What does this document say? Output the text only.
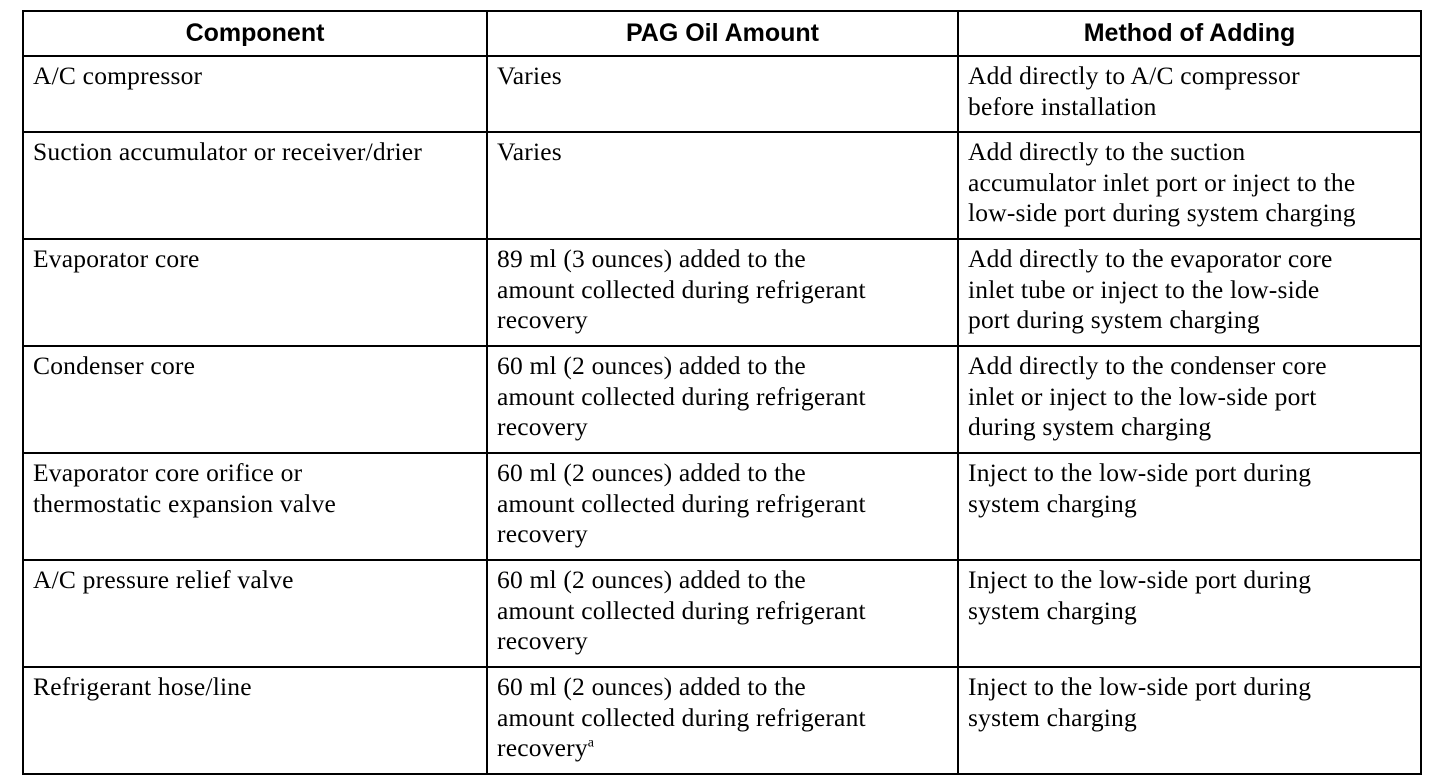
Component	PAG Oil Amount	Method of Adding

A/C compressor	Varies	Add directly to A/C compressor
before installation

Suction accumulator or receiver/drier	Varies	Add directly to the suction
accumulator inlet port or inject to the
low-side port during system charging

Evaporator core	89 ml (3 ounces) added to the
amount collected during refrigerant
recovery	Add directly to the evaporator core
inlet tube or inject to the low-side
port during system charging

Condenser core	60 ml (2 ounces) added to the
amount collected during refrigerant
recovery	Add directly to the condenser core
inlet or inject to the low-side port
during system charging

Evaporator core orifice or
thermostatic expansion valve	60 ml (2 ounces) added to the
amount collected during refrigerant
recovery	Inject to the low-side port during
system charging

A/C pressure relief valve	60 ml (2 ounces) added to the
amount collected during refrigerant
recovery	Inject to the low-side port during
system charging

Refrigerant hose/line	60 ml (2 ounces) added to the
amount collected during refrigerant
recovery$^a$	Inject to the low-side port during
system charging
